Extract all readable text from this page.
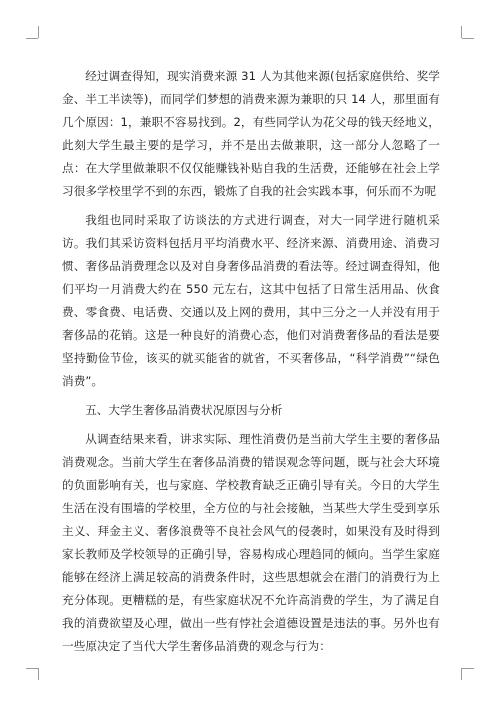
经过调查得知，现实消费来源 31 人为其他来源(包括家庭供给、奖学金、半工半读等)，而同学们梦想的消费来源为兼职的只 14 人，那里面有几个原因：1，兼职不容易找到。2，有些同学认为花父母的钱天经地义，此刻大学生最主要的是学习，并不是出去做兼职，这一部分人忽略了一点：在大学里做兼职不仅仅能赚钱补贴自我的生活费，还能够在社会上学习很多学校里学不到的东西，锻炼了自我的社会实践本事，何乐而不为呢

我组也同时采取了访谈法的方式进行调查，对大一同学进行随机采访。我们其采访资料包括月平均消费水平、经济来源、消费用途、消费习惯、奢侈品消费理念以及对自身奢侈品消费的看法等。经过调查得知，他们平均一月消费大约在 550 元左右，这其中包括了日常生活用品、伙食费、零食费、电话费、交通以及上网的费用，其中三分之一人并没有用于奢侈品的花销。这是一种良好的消费心态，他们对消费奢侈品的看法是要坚持勤俭节俭，该买的就买能省的就省，不买奢侈品，“科学消费”“绿色消费”。

五、大学生奢侈品消费状况原因与分析

从调查结果来看，讲求实际、理性消费仍是当前大学生主要的奢侈品消费观念。当前大学生在奢侈品消费的错误观念等问题，既与社会大环境的负面影响有关，也与家庭、学校教育缺乏正确引导有关。今日的大学生生活在没有围墙的学校里，全方位的与社会接触，当某些大学生受到享乐主义、拜金主义、奢侈浪费等不良社会风气的侵袭时，如果没有及时得到家长教师及学校领导的正确引导，容易构成心理趋同的倾向。当学生家庭能够在经济上满足较高的消费条件时，这些思想就会在潜门的消费行为上充分体现。更糟糕的是，有些家庭状况不允许高消费的学生，为了满足自我的消费欲望及心理，做出一些有悖社会道德设置是违法的事。另外也有一些原决定了当代大学生奢侈品消费的观念与行为：
